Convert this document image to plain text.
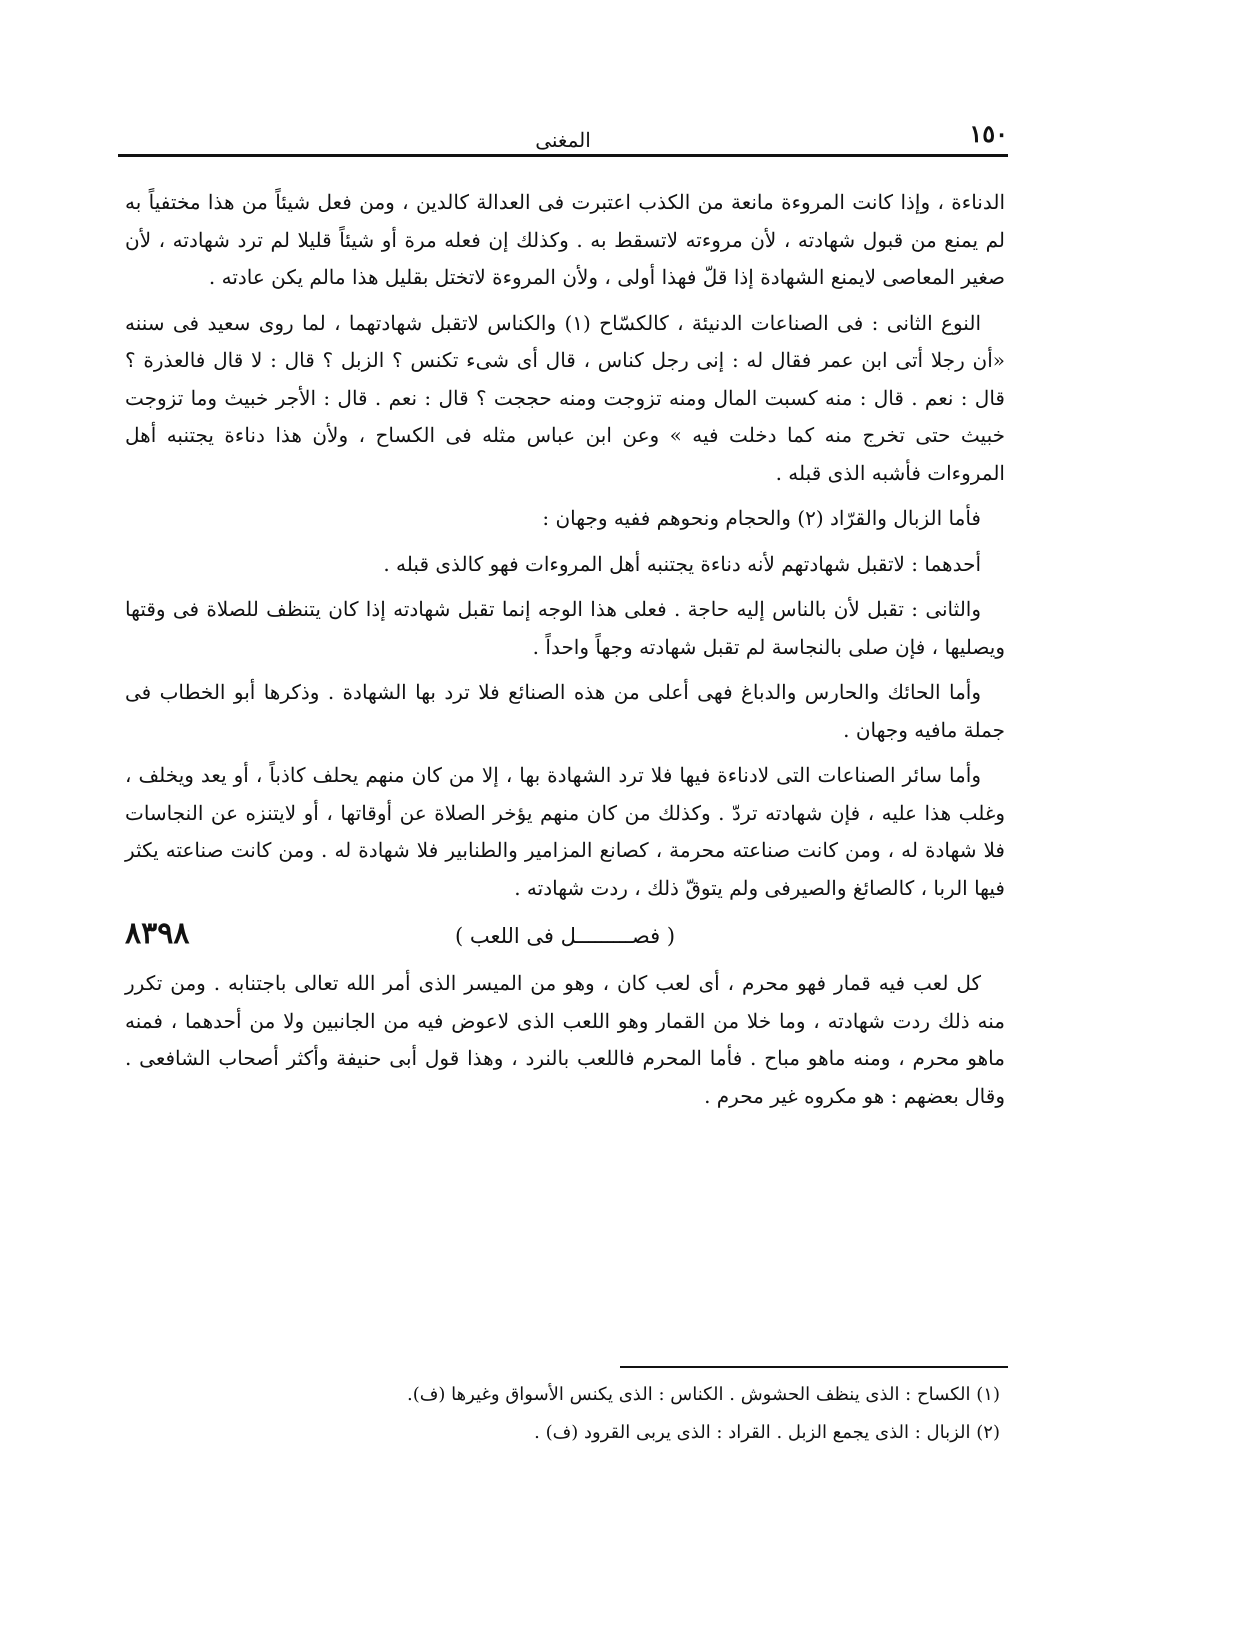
١٥٠
المغنى

الدناءة ، وإذا كانت المروءة مانعة من الكذب اعتبرت فى العدالة كالدين ، ومن فعل شيئاً من هذا مختفياً به لم يمنع من قبول شهادته ، لأن مروءته لاتسقط به . وكذلك إن فعله مرة أو شيئاً قليلا لم ترد شهادته ، لأن صغير المعاصى لايمنع الشهادة إذا قلّ فهذا أولى ، ولأن المروءة لاتختل بقليل هذا مالم يكن عادته .

النوع الثانى : فى الصناعات الدنيئة ، كالكسّاح (١) والكناس لاتقبل شهادتهما ، لما روى سعيد فى سننه «أن رجلا أتى ابن عمر فقال له : إنى رجل كناس ، قال أى شىء تكنس ؟ الزبل ؟ قال : لا قال فالعذرة ؟ قال : نعم . قال : منه كسبت المال ومنه تزوجت ومنه حججت ؟ قال : نعم . قال : الأجر خبيث وما تزوجت خبيث حتى تخرج منه كما دخلت فيه » وعن ابن عباس مثله فى الكساح ، ولأن هذا دناءة يجتنبه أهل المروءات فأشبه الذى قبله .

فأما الزبال والقرّاد (٢) والحجام ونحوهم ففيه وجهان :

أحدهما : لاتقبل شهادتهم لأنه دناءة يجتنبه أهل المروءات فهو كالذى قبله .

والثانى : تقبل لأن بالناس إليه حاجة . فعلى هذا الوجه إنما تقبل شهادته إذا كان يتنظف للصلاة فى وقتها ويصليها ، فإن صلى بالنجاسة لم تقبل شهادته وجهاً واحداً .

وأما الحائك والحارس والدباغ فهى أعلى من هذه الصنائع فلا ترد بها الشهادة . وذكرها أبو الخطاب فى جملة مافيه وجهان .

وأما سائر الصناعات التى لادناءة فيها فلا ترد الشهادة بها ، إلا من كان منهم يحلف كاذباً ، أو يعد ويخلف ، وغلب هذا عليه ، فإن شهادته تردّ . وكذلك من كان منهم يؤخر الصلاة عن أوقاتها ، أو لايتنزه عن النجاسات فلا شهادة له ، ومن كانت صناعته محرمة ، كصانع المزامير والطنابير فلا شهادة له . ومن كانت صناعته يكثر فيها الربا ، كالصائغ والصيرفى ولم يتوقّ ذلك ، ردت شهادته .

( فصـــــــــل فى اللعب )
٨٣٩٨

كل لعب فيه قمار فهو محرم ، أى لعب كان ، وهو من الميسر الذى أمر الله تعالى باجتنابه . ومن تكرر منه ذلك ردت شهادته ، وما خلا من القمار وهو اللعب الذى لاعوض فيه من الجانبين ولا من أحدهما ، فمنه ماهو محرم ، ومنه ماهو مباح . فأما المحرم فاللعب بالنرد ، وهذا قول أبى حنيفة وأكثر أصحاب الشافعى . وقال بعضهم : هو مكروه غير محرم .

(١) الكساح : الذى ينظف الحشوش . الكناس : الذى يكنس الأسواق وغيرها (ف).

(٢) الزبال : الذى يجمع الزبل . القراد : الذى يربى القرود (ف) .
